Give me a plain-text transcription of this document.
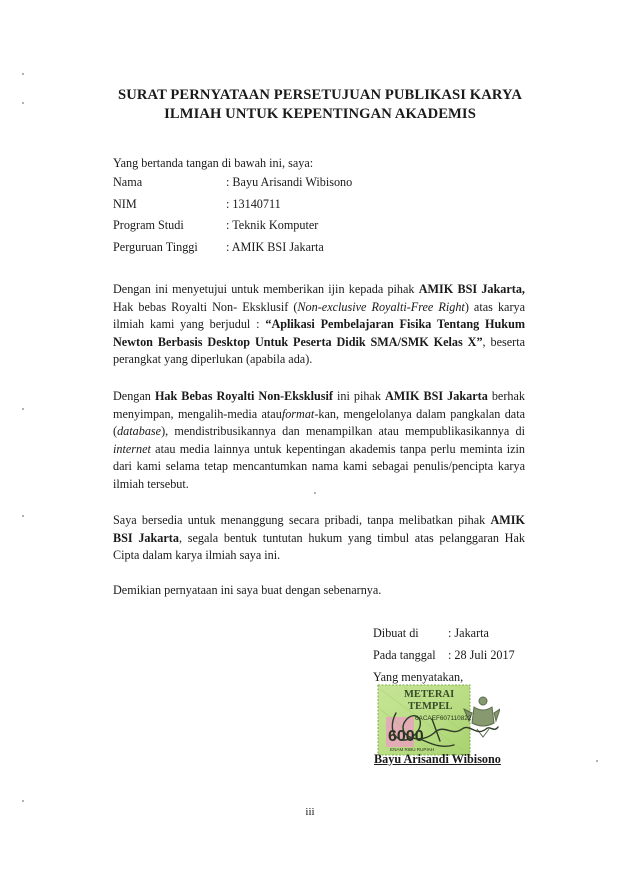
SURAT PERNYATAAN PERSETUJUAN PUBLIKASI KARYA
ILMIAH UNTUK KEPENTINGAN AKADEMIS
Yang bertanda tangan di bawah ini, saya:
Nama	: Bayu Arisandi Wibisono
NIM	: 13140711
Program Studi	: Teknik Komputer
Perguruan Tinggi : AMIK BSI Jakarta
Dengan ini menyetujui untuk memberikan ijin kepada pihak AMIK BSI Jakarta, Hak bebas Royalti Non- Eksklusif (Non-exclusive Royalti-Free Right) atas karya ilmiah kami yang berjudul : “Aplikasi Pembelajaran Fisika Tentang Hukum Newton Berbasis Desktop Untuk Peserta Didik SMA/SMK Kelas X”, beserta perangkat yang diperlukan (apabila ada).
Dengan Hak Bebas Royalti Non-Eksklusif ini pihak AMIK BSI Jakarta berhak menyimpan, mengalih-media atauformat-kan, mengelolanya dalam pangkalan data (database), mendistribusikannya dan menampilkan atau mempublikasikannya di internet atau media lainnya untuk kepentingan akademis tanpa perlu meminta izin dari kami selama tetap mencantumkan nama kami sebagai penulis/pencipta karya ilmiah tersebut.
Saya bersedia untuk menanggung secara pribadi, tanpa melibatkan pihak AMIK BSI Jakarta, segala bentuk tuntutan hukum yang timbul atas pelanggaran Hak Cipta dalam karya ilmiah saya ini.
Demikian pernyataan ini saya buat dengan sebenarnya.
Dibuat di : Jakarta
Pada tanggal : 28 Juli 2017
Yang menyatakan,
METERAI
TEMPEL
6ACAEF607110822
6000
ENAM RIBU RUPIAH
Bayu Arisandi Wibisono
iii
